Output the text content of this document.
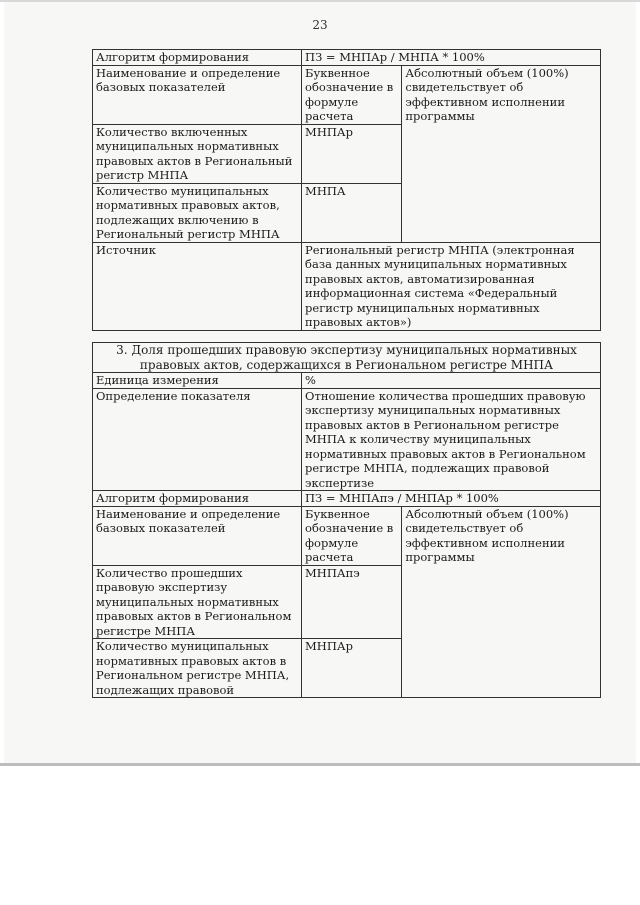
23
Алгоритм формирования	ПЗ = МНПАр / МНПА * 100%	
Наименование и определение базовых показателей	Буквенное обозначение в формуле расчета	Абсолютный объем (100%) свидетельствует об эффективном исполнении программы
Количество включенных муниципальных нормативных правовых актов в Региональный регистр МНПА	МНПАр	
Количество муниципальных нормативных правовых актов, подлежащих включению в Региональный регистр МНПА	МНПА	
Источник	Региональный регистр МНПА (электронная база данных муниципальных нормативных правовых актов, автоматизированная информационная система «Федеральный регистр муниципальных нормативных правовых актов»)	
3. Доля прошедших правовую экспертизу муниципальных нормативных правовых актов, содержащихся в Региональном регистре МНПА		
Единица измерения	%	
Определение показателя	Отношение количества прошедших правовую экспертизу муниципальных нормативных правовых актов в Региональном регистре МНПА к количеству муниципальных нормативных правовых актов в Региональном регистре МНПА, подлежащих правовой экспертизе	
Алгоритм формирования	ПЗ = МНПАпэ / МНПАр * 100%	
Наименование и определение базовых показателей	Буквенное обозначение в формуле расчета	Абсолютный объем (100%) свидетельствует об эффективном исполнении программы
Количество прошедших правовую экспертизу муниципальных нормативных правовых актов в Региональном регистре МНПА	МНПАпэ	
Количество муниципальных нормативных правовых актов в Региональном регистре МНПА, подлежащих правовой	МНПАр	
